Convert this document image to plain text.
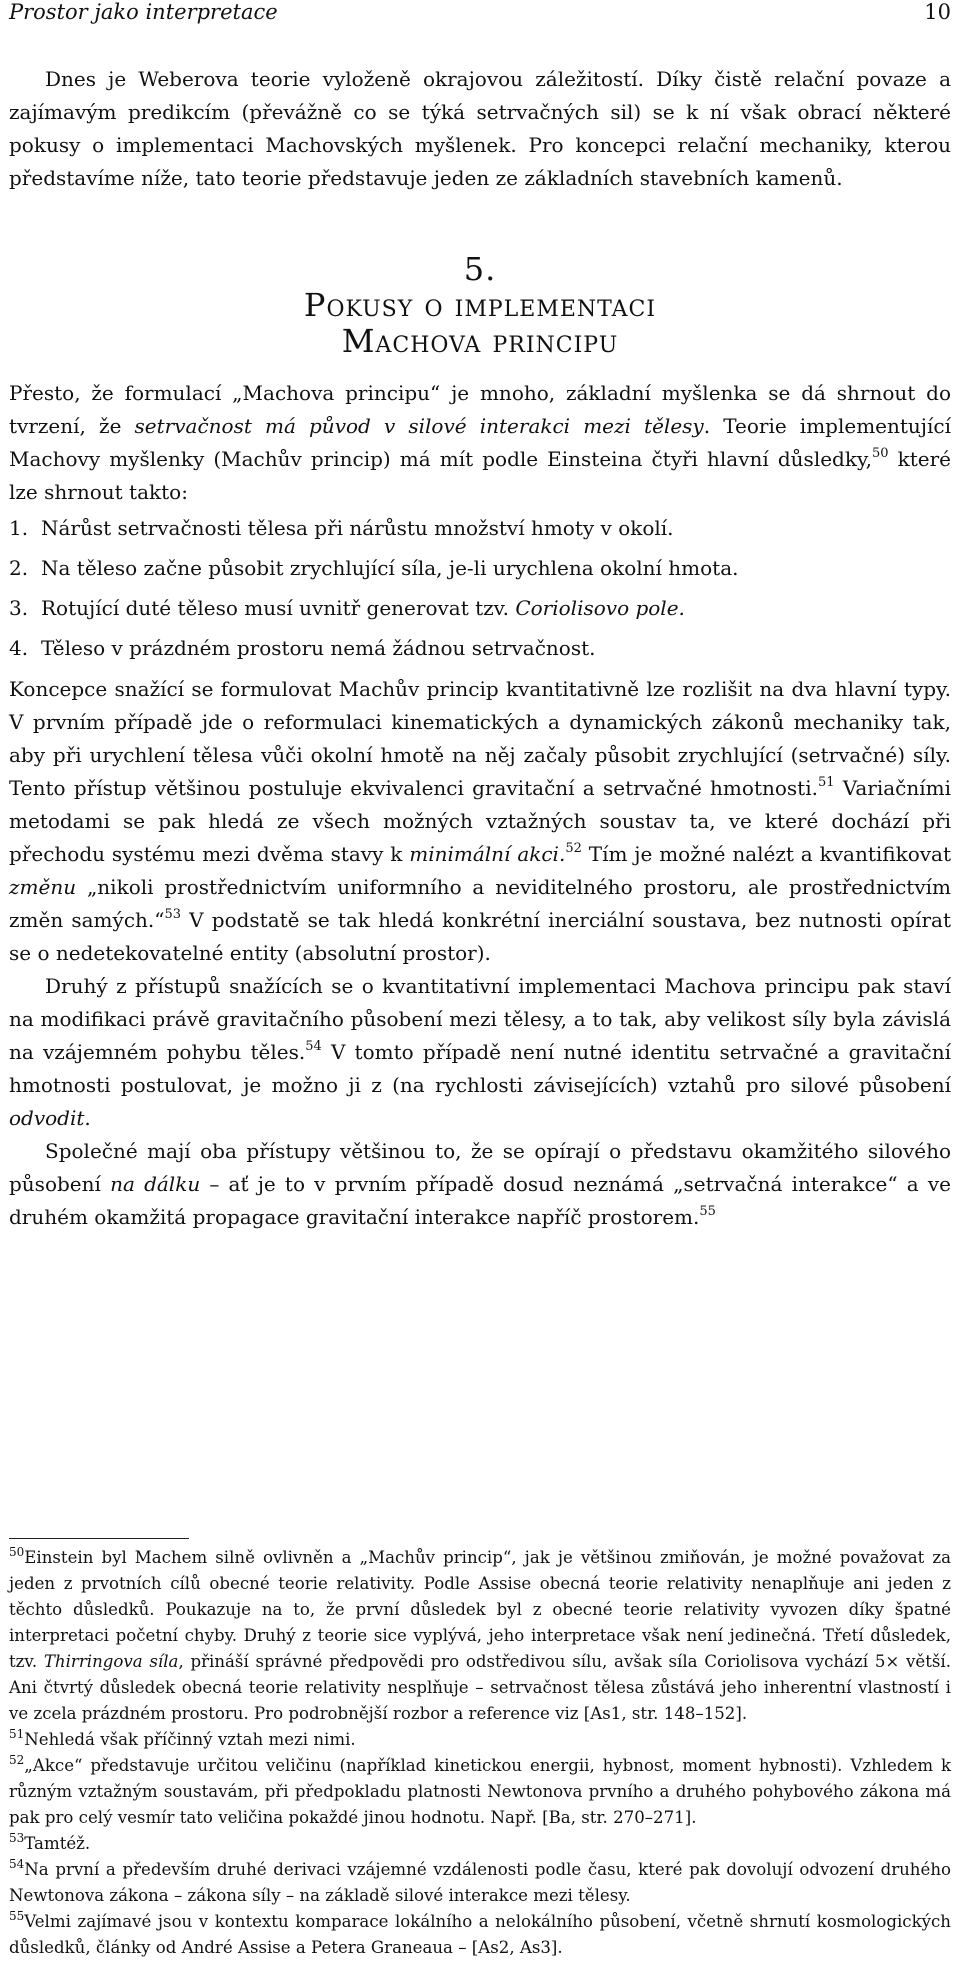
Prostor jako interpretace	10

Dnes je Weberova teorie vyloženě okrajovou záležitostí. Díky čistě relační povaze a zajímavým predikcím (převážně co se týká setrvačných sil) se k ní však obrací některé pokusy o implementaci Machovských myšlenek. Pro koncepci relační mechaniky, kterou představíme níže, tato teorie představuje jeden ze základních stavebních kamenů.

5.
Pokusy o implementaci
Machova principu

Přesto, že formulací „Machova principu“ je mnoho, základní myšlenka se dá shrnout do tvrzení, že setrvačnost má původ v silové interakci mezi tělesy. Teorie implementující Machovy myšlenky (Machův princip) má mít podle Einsteina čtyři hlavní důsledky,$^{50}$ které lze shrnout takto:

1. Nárůst setrvačnosti tělesa při nárůstu množství hmoty v okolí.
2. Na těleso začne působit zrychlující síla, je-li urychlena okolní hmota.
3. Rotující duté těleso musí uvnitř generovat tzv. Coriolisovo pole.
4. Těleso v prázdném prostoru nemá žádnou setrvačnost.

Koncepce snažící se formulovat Machův princip kvantitativně lze rozlišit na dva hlavní typy. V prvním případě jde o reformulaci kinematických a dynamických zákonů mechaniky tak, aby při urychlení tělesa vůči okolní hmotě na něj začaly působit zrychlující (setrvačné) síly. Tento přístup většinou postuluje ekvivalenci gravitační a setrvačné hmotnosti.$^{51}$ Variačními metodami se pak hledá ze všech možných vztažných soustav ta, ve které dochází při přechodu systému mezi dvěma stavy k minimální akci.$^{52}$ Tím je možné nalézt a kvantifikovat změnu „nikoli prostřednictvím uniformního a neviditelného prostoru, ale prostřednictvím změn samých.“$^{53}$ V podstatě se tak hledá konkrétní inerciální soustava, bez nutnosti opírat se o nedetekovatelné entity (absolutní prostor).

Druhý z přístupů snažících se o kvantitativní implementaci Machova principu pak staví na modifikaci právě gravitačního působení mezi tělesy, a to tak, aby velikost síly byla závislá na vzájemném pohybu těles.$^{54}$ V tomto případě není nutné identitu setrvačné a gravitační hmotnosti postulovat, je možno ji z (na rychlosti závisejících) vztahů pro silové působení odvodit.

Společné mají oba přístupy většinou to, že se opírají o představu okamžitého silového působení na dálku – ať je to v prvním případě dosud neznámá „setrvačná interakce“ a ve druhém okamžitá propagace gravitační interakce napříč prostorem.$^{55}$

$^{50}$Einstein byl Machem silně ovlivněn a „Machův princip“, jak je většinou zmiňován, je možné považovat za jeden z prvotních cílů obecné teorie relativity. Podle Assise obecná teorie relativity nenaplňuje ani jeden z těchto důsledků. Poukazuje na to, že první důsledek byl z obecné teorie relativity vyvozen díky špatné interpretaci početní chyby. Druhý z teorie sice vyplývá, jeho interpretace však není jedinečná. Třetí důsledek, tzv. Thirringova síla, přináší správné předpovědi pro odstředivou sílu, avšak síla Coriolisova vychází 5× větší. Ani čtvrtý důsledek obecná teorie relativity nesplňuje – setrvačnost tělesa zůstává jeho inherentní vlastností i ve zcela prázdném prostoru. Pro podrobnější rozbor a reference viz [As1, str. 148–152].

$^{51}$Nehledá však příčinný vztah mezi nimi.

$^{52}$„Akce“ představuje určitou veličinu (například kinetickou energii, hybnost, moment hybnosti). Vzhledem k různým vztažným soustavám, při předpokladu platnosti Newtonova prvního a druhého pohybového zákona má pak pro celý vesmír tato veličina pokaždé jinou hodnotu. Např. [Ba, str. 270–271].

$^{53}$Tamtéž.

$^{54}$Na první a především druhé derivaci vzájemné vzdálenosti podle času, které pak dovolují odvození druhého Newtonova zákona – zákona síly – na základě silové interakce mezi tělesy.

$^{55}$Velmi zajímavé jsou v kontextu komparace lokálního a nelokálního působení, včetně shrnutí kosmologických důsledků, články od André Assise a Petera Graneaua – [As2, As3].
